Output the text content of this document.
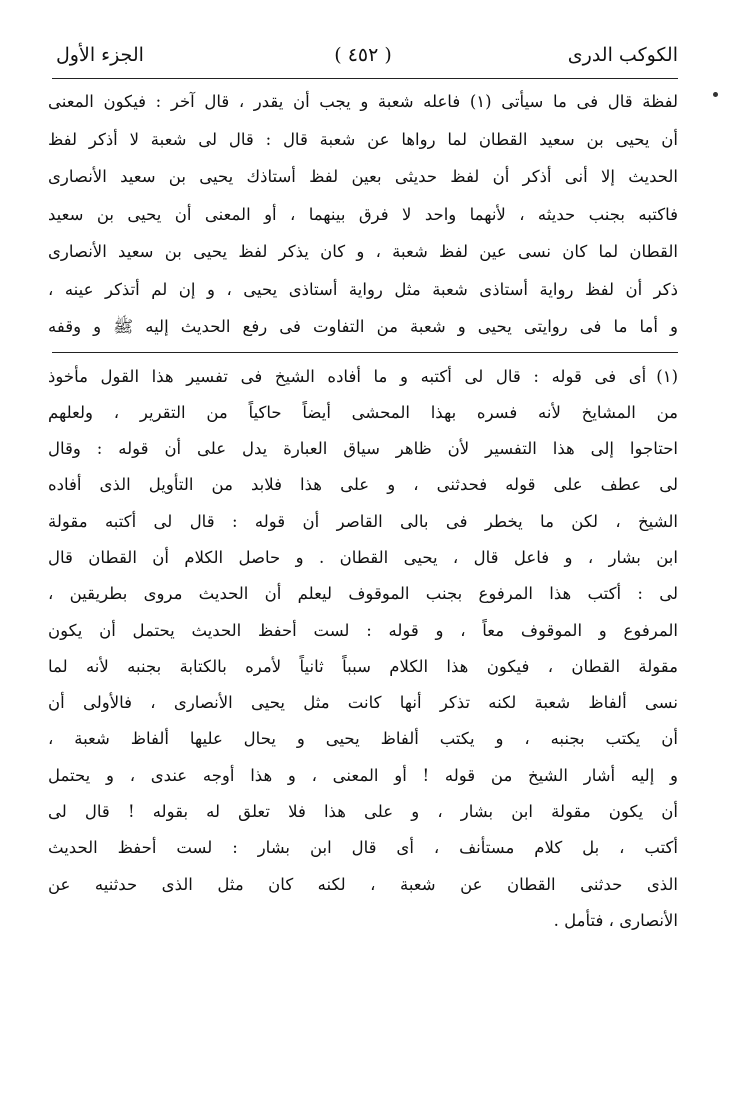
الكوكب الدرى
( ٤٥٢ )
الجزء الأول
لفظة قال فى ما سيأتى (١) فاعله شعبة و يجب أن يقدر ، قال آخر : فيكون المعنى
أن يحيى بن سعيد القطان لما رواها عن شعبة قال : قال لى شعبة لا أذكر لفظ
الحديث إلا أنى أذكر أن لفظ حديثى بعين لفظ أستاذك يحيى بن سعيد الأنصارى
فاكتبه بجنب حديثه ، لأنهما واحد لا فرق بينهما ، أو المعنى أن يحيى بن سعيد
القطان لما كان نسى عين لفظ شعبة ، و كان يذكر لفظ يحيى بن سعيد الأنصارى
ذكر أن لفظ رواية أستاذى شعبة مثل رواية أستاذى يحيى ، و إن لم أتذكر عينه ،
و أما ما فى روايتى يحيى و شعبة من التفاوت فى رفع الحديث إليه ﷺ و وقفه
(١)أى فى قوله : قال لى أكتبه و ما أفاده الشيخ فى تفسير هذا القول مأخوذ
من المشايخ لأنه فسره بهذا المحشى أيضاً حاكياً من التقرير ، ولعلهم
احتاجوا إلى هذا التفسير لأن ظاهر سياق العبارة يدل على أن قوله : وقال
لى عطف على قوله فحدثنى ، و على هذا فلابد من التأويل الذى أفاده
الشيخ ، لكن ما يخطر فى بالى القاصر أن قوله : قال لى أكتبه مقولة
ابن بشار ، و فاعل قال ، يحيى القطان . و حاصل الكلام أن القطان قال
لى : أكتب هذا المرفوع بجنب الموقوف ليعلم أن الحديث مروى بطريقين ،
المرفوع و الموقوف معاً ، و قوله : لست أحفظ الحديث يحتمل أن يكون
مقولة القطان ، فيكون هذا الكلام سبباً ثانياً لأمره بالكتابة بجنبه لأنه لما
نسى ألفاظ شعبة لكنه تذكر أنها كانت مثل يحيى الأنصارى ، فالأولى أن
أن يكتب بجنبه ، و يكتب ألفاظ يحيى و يحال عليها ألفاظ شعبة ،
و إليه أشار الشيخ من قوله ! أو المعنى ، و هذا أوجه عندى ، و يحتمل
أن يكون مقولة ابن بشار ، و على هذا فلا تعلق له بقوله ! قال لى
أكتب ، بل كلام مستأنف ، أى قال ابن بشار : لست أحفظ الحديث
الذى حدثنى القطان عن شعبة ، لكنه كان مثل الذى حدثنيه عن
الأنصارى ، فتأمل .
